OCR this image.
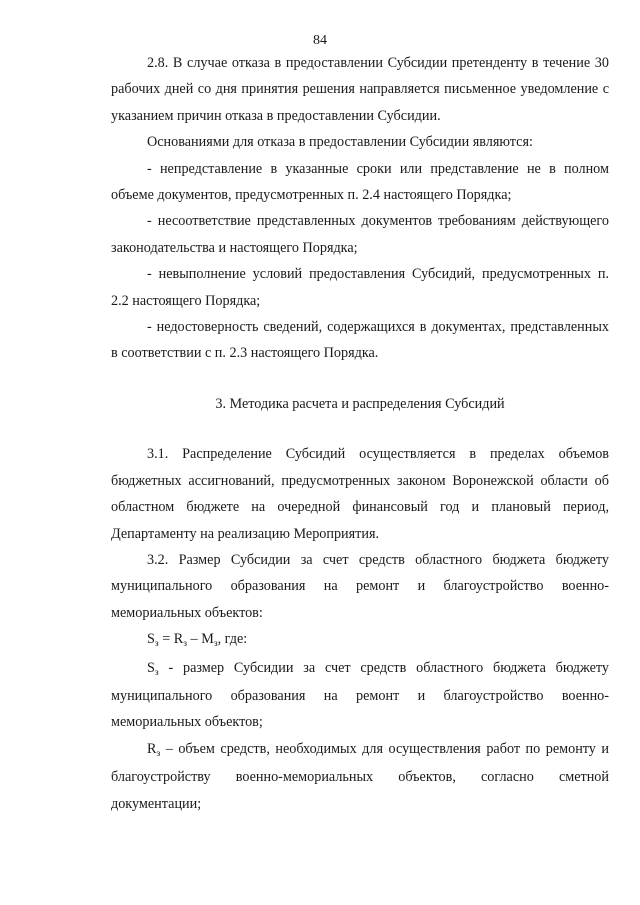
84

2.8. В случае отказа в предоставлении Субсидии претенденту в течение 30 рабочих дней со дня принятия решения направляется письменное уведомление с указанием причин отказа в предоставлении Субсидии.

Основаниями для отказа в предоставлении Субсидии являются:

- непредставление в указанные сроки или представление не в полном объеме документов, предусмотренных п. 2.4 настоящего Порядка;

- несоответствие представленных документов требованиям действующего законодательства и настоящего Порядка;

- невыполнение условий предоставления Субсидий, предусмотренных п. 2.2 настоящего Порядка;

- недостоверность сведений, содержащихся в документах, представленных в соответствии с п. 2.3 настоящего Порядка.

3. Методика расчета и распределения Субсидий

3.1. Распределение Субсидий осуществляется в пределах объемов бюджетных ассигнований, предусмотренных законом Воронежской области об областном бюджете на очередной финансовый год и плановый период, Департаменту на реализацию Мероприятия.

3.2. Размер Субсидии за счет средств областного бюджета бюджету муниципального образования на ремонт и благоустройство военно-мемориальных объектов:

$S_з = R_з - M_з$, где:

$S_з$ - размер Субсидии за счет средств областного бюджета бюджету муниципального образования на ремонт и благоустройство военно-мемориальных объектов;

$R_з$ – объем средств, необходимых для осуществления работ по ремонту и благоустройству военно-мемориальных объектов, согласно сметной документации;
